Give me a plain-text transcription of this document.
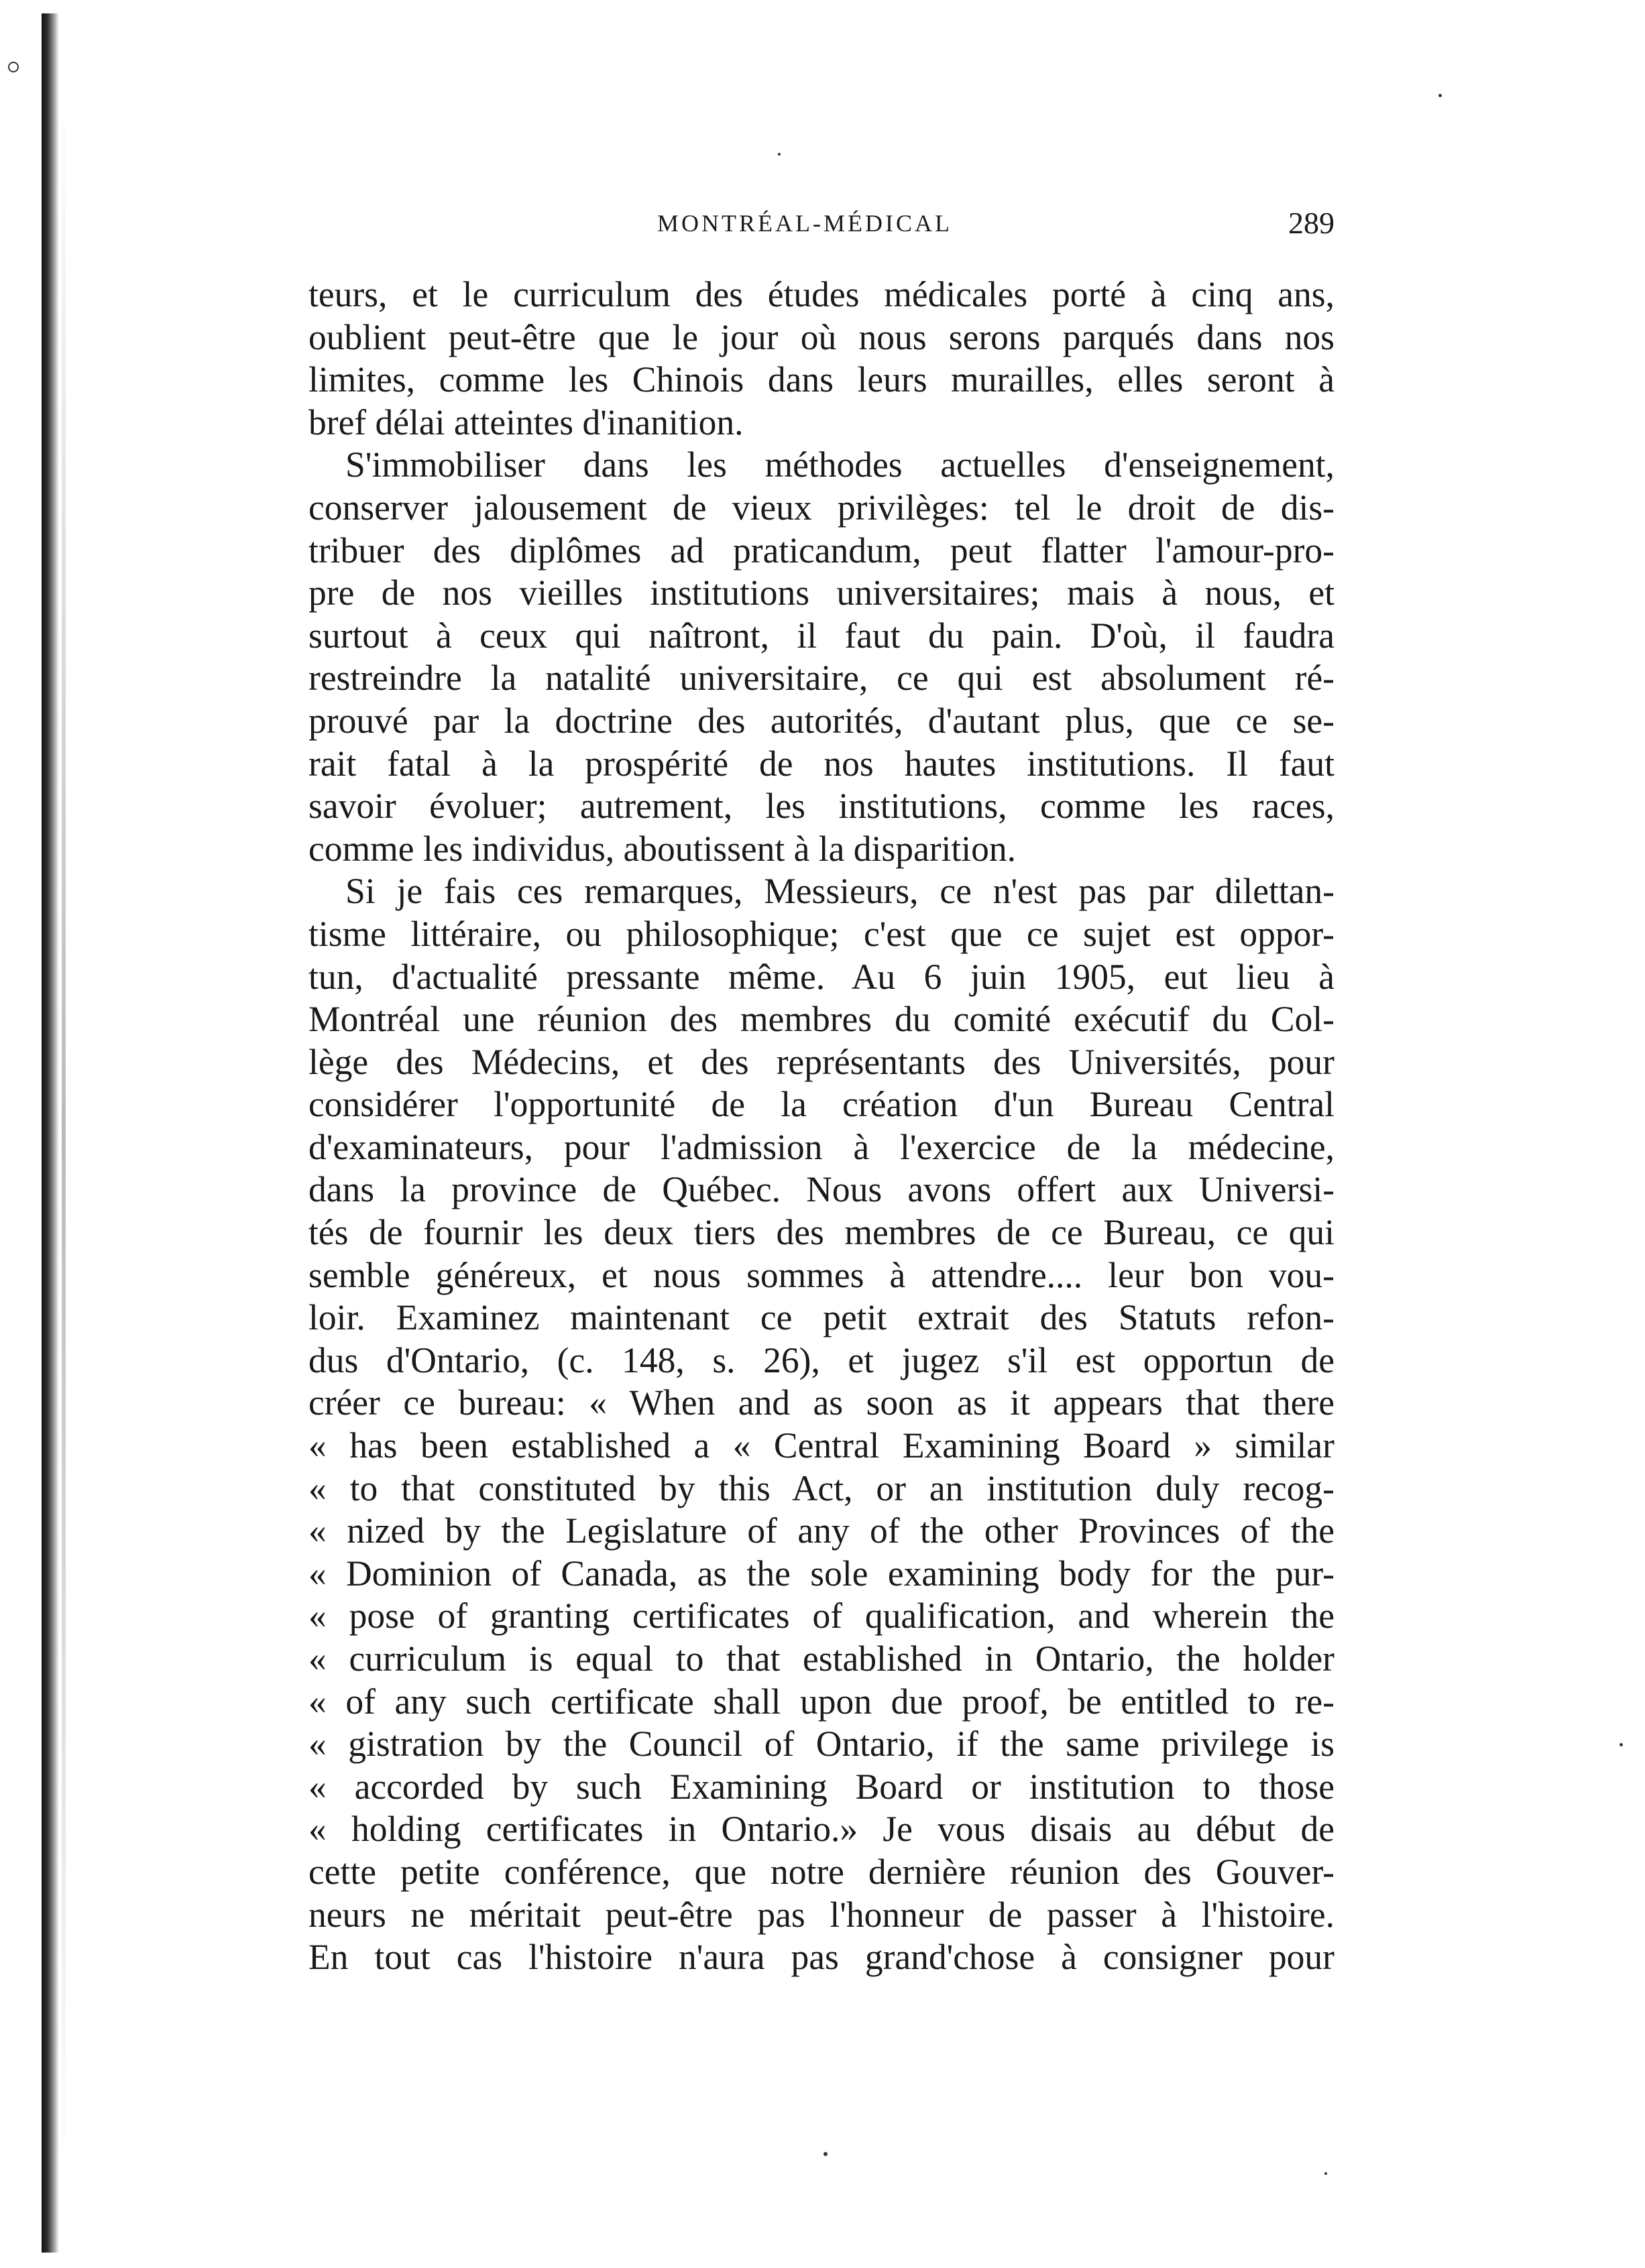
MONTRÉAL-MÉDICAL	289
teurs, et le curriculum des études médicales porté à cinq ans,
oublient peut-être que le jour où nous serons parqués dans nos
limites, comme les Chinois dans leurs murailles, elles seront à
bref délai atteintes d'inanition.
S'immobiliser dans les méthodes actuelles d'enseignement,
conserver jalousement de vieux privilèges: tel le droit de dis-
tribuer des diplômes ad praticandum, peut flatter l'amour-pro-
pre de nos vieilles institutions universitaires; mais à nous, et
surtout à ceux qui naîtront, il faut du pain. D'où, il faudra
restreindre la natalité universitaire, ce qui est absolument ré-
prouvé par la doctrine des autorités, d'autant plus, que ce se-
rait fatal à la prospérité de nos hautes institutions. Il faut
savoir évoluer; autrement, les institutions, comme les races,
comme les individus, aboutissent à la disparition.
Si je fais ces remarques, Messieurs, ce n'est pas par dilettan-
tisme littéraire, ou philosophique; c'est que ce sujet est oppor-
tun, d'actualité pressante même. Au 6 juin 1905, eut lieu à
Montréal une réunion des membres du comité exécutif du Col-
lège des Médecins, et des représentants des Universités, pour
considérer l'opportunité de la création d'un Bureau Central
d'examinateurs, pour l'admission à l'exercice de la médecine,
dans la province de Québec. Nous avons offert aux Universi-
tés de fournir les deux tiers des membres de ce Bureau, ce qui
semble généreux, et nous sommes à attendre.... leur bon vou-
loir. Examinez maintenant ce petit extrait des Statuts refon-
dus d'Ontario, (c. 148, s. 26), et jugez s'il est opportun de
créer ce bureau: « When and as soon as it appears that there
« has been established a « Central Examining Board » similar
« to that constituted by this Act, or an institution duly recog-
« nized by the Legislature of any of the other Provinces of the
« Dominion of Canada, as the sole examining body for the pur-
« pose of granting certificates of qualification, and wherein the
« curriculum is equal to that established in Ontario, the holder
« of any such certificate shall upon due proof, be entitled to re-
« gistration by the Council of Ontario, if the same privilege is
« accorded by such Examining Board or institution to those
« holding certificates in Ontario.» Je vous disais au début de
cette petite conférence, que notre dernière réunion des Gouver-
neurs ne méritait peut-être pas l'honneur de passer à l'histoire.
En tout cas l'histoire n'aura pas grand'chose à consigner pour
